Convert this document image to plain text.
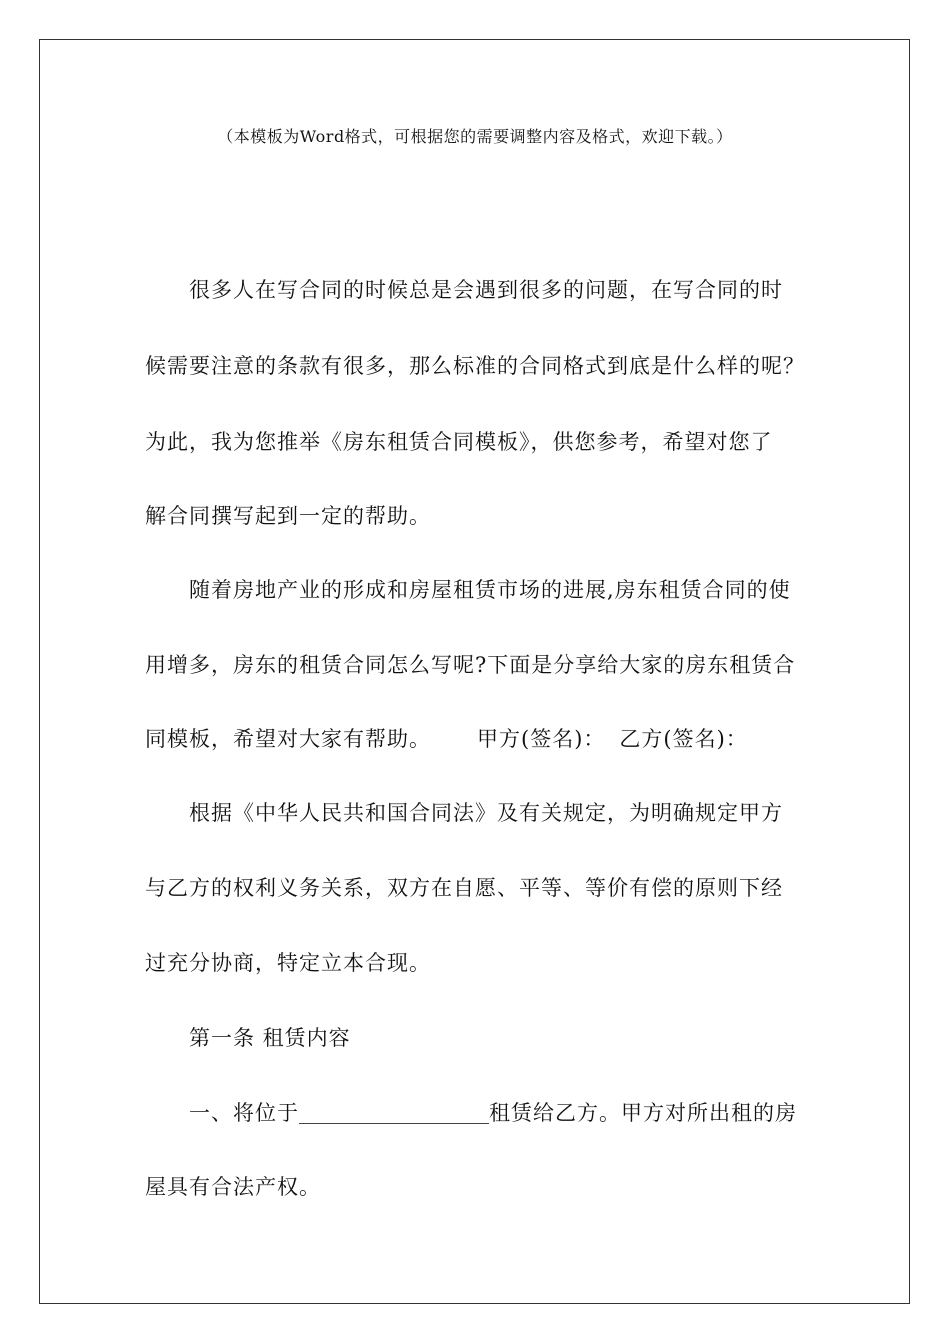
（本模板为Word格式，可根据您的需要调整内容及格式，欢迎下载。）
很多人在写合同的时候总是会遇到很多的问题，在写合同的时
候需要注意的条款有很多，那么标准的合同格式到底是什么样的呢？
为此，我为您推举《房东租赁合同模板》，供您参考，希望对您了
解合同撰写起到一定的帮助。
随着房地产业的形成和房屋租赁市场的进展,房东租赁合同的使
用增多，房东的租赁合同怎么写呢?下面是分享给大家的房东租赁合
同模板，希望对大家有帮助。 甲方(签名)： 乙方(签名)：
根据《中华人民共和国合同法》及有关规定，为明确规定甲方
与乙方的权利义务关系，双方在自愿、平等、等价有偿的原则下经
过充分协商，特定立本合现。
第一条 租赁内容
一、将位于	租赁给乙方。甲方对所出租的房
屋具有合法产权。
